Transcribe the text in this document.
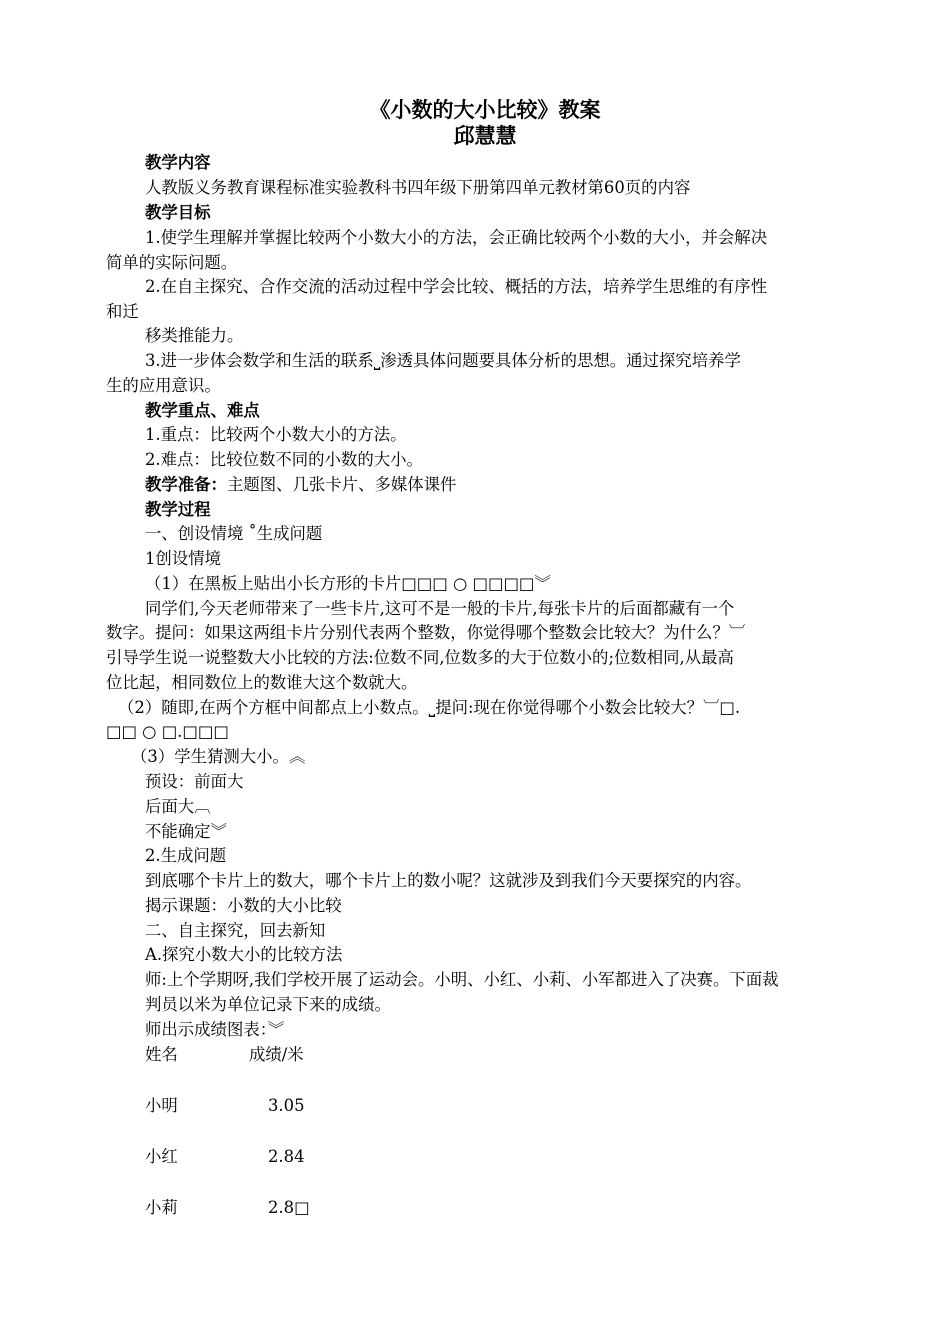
《小数的大小比较》教案
邱慧慧
教学内容
人教版义务教育课程标准实验教科书四年级下册第四单元教材第60页的内容
教学目标
1.使学生理解并掌握比较两个小数大小的方法，会正确比较两个小数的大小，并会解决
简单的实际问题。
2.在自主探究、合作交流的活动过程中学会比较、概括的方法，培养学生思维的有序性
和迁
移类推能力。
3.进一步体会数学和生活的联系⎵渗透具体问题要具体分析的思想。通过探究培养学
生的应用意识。
教学重点、难点
1.重点：比较两个小数大小的方法。
2.难点：比较位数不同的小数的大小。
教学准备：主题图、几张卡片、多媒体课件
教学过程
一、创设情境 ˚生成问题
1创设情境
（1）在黑板上贴出小长方形的卡片□□□ ○ □□□□︾
同学们,今天老师带来了一些卡片,这可不是一般的卡片,每张卡片的后面都藏有一个
数字。提问：如果这两组卡片分别代表两个整数，你觉得哪个整数会比较大？为什么？︺
引导学生说一说整数大小比较的方法:位数不同,位数多的大于位数小的;位数相同,从最高
位比起，相同数位上的数谁大这个数就大。
（2）随即,在两个方框中间都点上小数点。⎵提问:现在你觉得哪个小数会比较大？︺□.
□□ ○ □.□□□
（3）学生猜测大小。︽
预设：前面大
后面大︹
不能确定︾
2.生成问题
到底哪个卡片上的数大，哪个卡片上的数小呢？这就涉及到我们今天要探究的内容。
揭示课题：小数的大小比较
二、自主探究，回去新知
A.探究小数大小的比较方法
师:上个学期呀,我们学校开展了运动会。小明、小红、小莉、小军都进入了决赛。下面裁
判员以米为单位记录下来的成绩。
师出示成绩图表：︾
姓名	成绩/米
小明	3.05
小红	2.84
小莉	2.8□
